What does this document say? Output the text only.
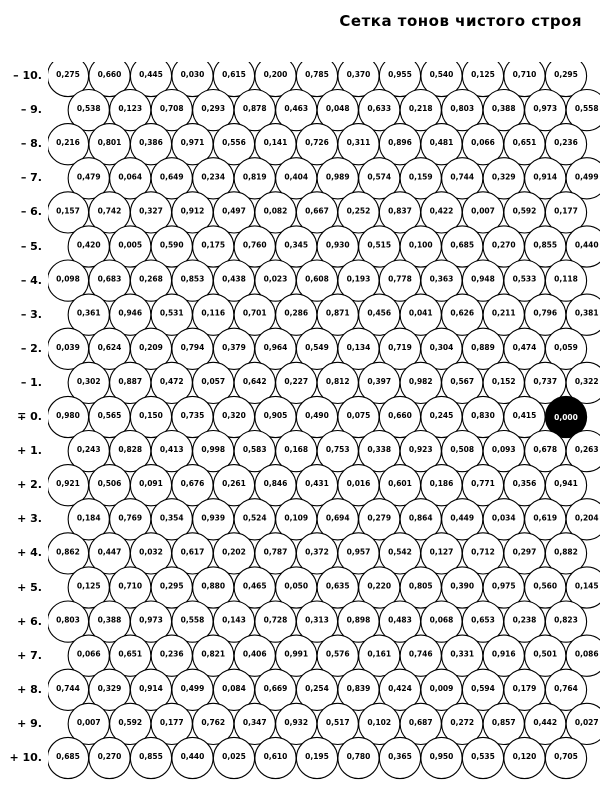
Сетка тонов чистого строя
– 10.
– 9.
– 8.
– 7.
– 6.
– 5.
– 4.
– 3.
– 2.
– 1.
∓ 0.
+ 1.
+ 2.
+ 3.
+ 4.
+ 5.
+ 6.
+ 7.
+ 8.
+ 9.
+ 10.
0,275 0,660 0,445 0,030 0,615 0,200 0,785 0,370 0,955 0,540 0,125 0,710 0,295
0,538 0,123 0,708 0,293 0,878 0,463 0,048 0,633 0,218 0,803 0,388 0,973 0,558
0,216 0,801 0,386 0,971 0,556 0,141 0,726 0,311 0,896 0,481 0,066 0,651 0,236
0,479 0,064 0,649 0,234 0,819 0,404 0,989 0,574 0,159 0,744 0,329 0,914 0,499
0,157 0,742 0,327 0,912 0,497 0,082 0,667 0,252 0,837 0,422 0,007 0,592 0,177
0,420 0,005 0,590 0,175 0,760 0,345 0,930 0,515 0,100 0,685 0,270 0,855 0,440
0,098 0,683 0,268 0,853 0,438 0,023 0,608 0,193 0,778 0,363 0,948 0,533 0,118
0,361 0,946 0,531 0,116 0,701 0,286 0,871 0,456 0,041 0,626 0,211 0,796 0,381
0,039 0,624 0,209 0,794 0,379 0,964 0,549 0,134 0,719 0,304 0,889 0,474 0,059
0,302 0,887 0,472 0,057 0,642 0,227 0,812 0,397 0,982 0,567 0,152 0,737 0,322
0,980 0,565 0,150 0,735 0,320 0,905 0,490 0,075 0,660 0,245 0,830 0,415 0,000
0,243 0,828 0,413 0,998 0,583 0,168 0,753 0,338 0,923 0,508 0,093 0,678 0,263
0,921 0,506 0,091 0,676 0,261 0,846 0,431 0,016 0,601 0,186 0,771 0,356 0,941
0,184 0,769 0,354 0,939 0,524 0,109 0,694 0,279 0,864 0,449 0,034 0,619 0,204
0,862 0,447 0,032 0,617 0,202 0,787 0,372 0,957 0,542 0,127 0,712 0,297 0,882
0,125 0,710 0,295 0,880 0,465 0,050 0,635 0,220 0,805 0,390 0,975 0,560 0,145
0,803 0,388 0,973 0,558 0,143 0,728 0,313 0,898 0,483 0,068 0,653 0,238 0,823
0,066 0,651 0,236 0,821 0,406 0,991 0,576 0,161 0,746 0,331 0,916 0,501 0,086
0,744 0,329 0,914 0,499 0,084 0,669 0,254 0,839 0,424 0,009 0,594 0,179 0,764
0,007 0,592 0,177 0,762 0,347 0,932 0,517 0,102 0,687 0,272 0,857 0,442 0,027
0,685 0,270 0,855 0,440 0,025 0,610 0,195 0,780 0,365 0,950 0,535 0,120 0,705
